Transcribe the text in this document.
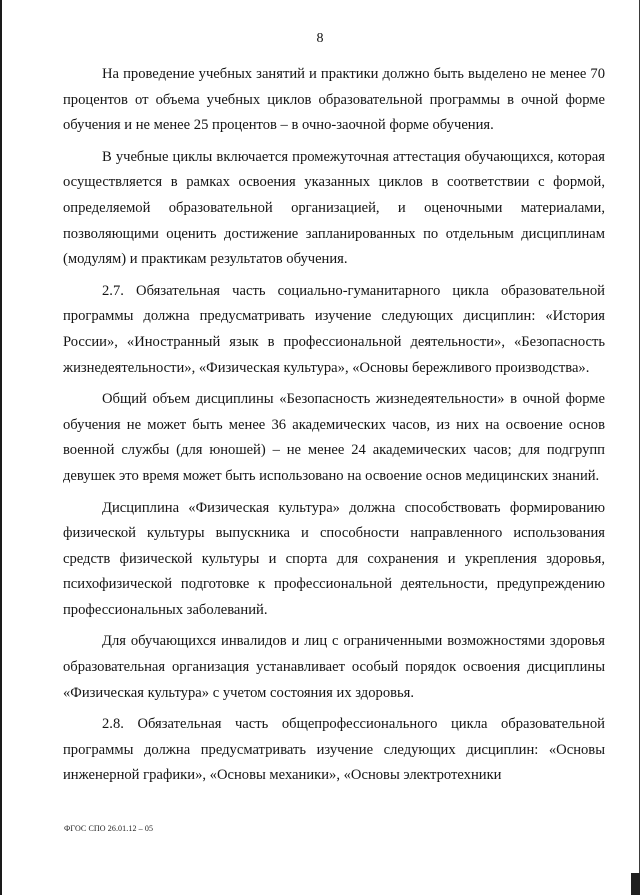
8

На проведение учебных занятий и практики должно быть выделено не менее 70 процентов от объема учебных циклов образовательной программы в очной форме обучения и не менее 25 процентов – в очно-заочной форме обучения.

В учебные циклы включается промежуточная аттестация обучающихся, которая осуществляется в рамках освоения указанных циклов в соответствии с формой, определяемой образовательной организацией, и оценочными материалами, позволяющими оценить достижение запланированных по отдельным дисциплинам (модулям) и практикам результатов обучения.

2.7. Обязательная часть социально-гуманитарного цикла образовательной программы должна предусматривать изучение следующих дисциплин: «История России», «Иностранный язык в профессиональной деятельности», «Безопасность жизнедеятельности», «Физическая культура», «Основы бережливого производства».

Общий объем дисциплины «Безопасность жизнедеятельности» в очной форме обучения не может быть менее 36 академических часов, из них на освоение основ военной службы (для юношей) – не менее 24 академических часов; для подгрупп девушек это время может быть использовано на освоение основ медицинских знаний.

Дисциплина «Физическая культура» должна способствовать формированию физической культуры выпускника и способности направленного использования средств физической культуры и спорта для сохранения и укрепления здоровья, психофизической подготовке к профессиональной деятельности, предупреждению профессиональных заболеваний.

Для обучающихся инвалидов и лиц с ограниченными возможностями здоровья образовательная организация устанавливает особый порядок освоения дисциплины «Физическая культура» с учетом состояния их здоровья.

2.8. Обязательная часть общепрофессионального цикла образовательной программы должна предусматривать изучение следующих дисциплин: «Основы инженерной графики», «Основы механики», «Основы электротехники

ФГОС СПО 26.01.12 – 05
